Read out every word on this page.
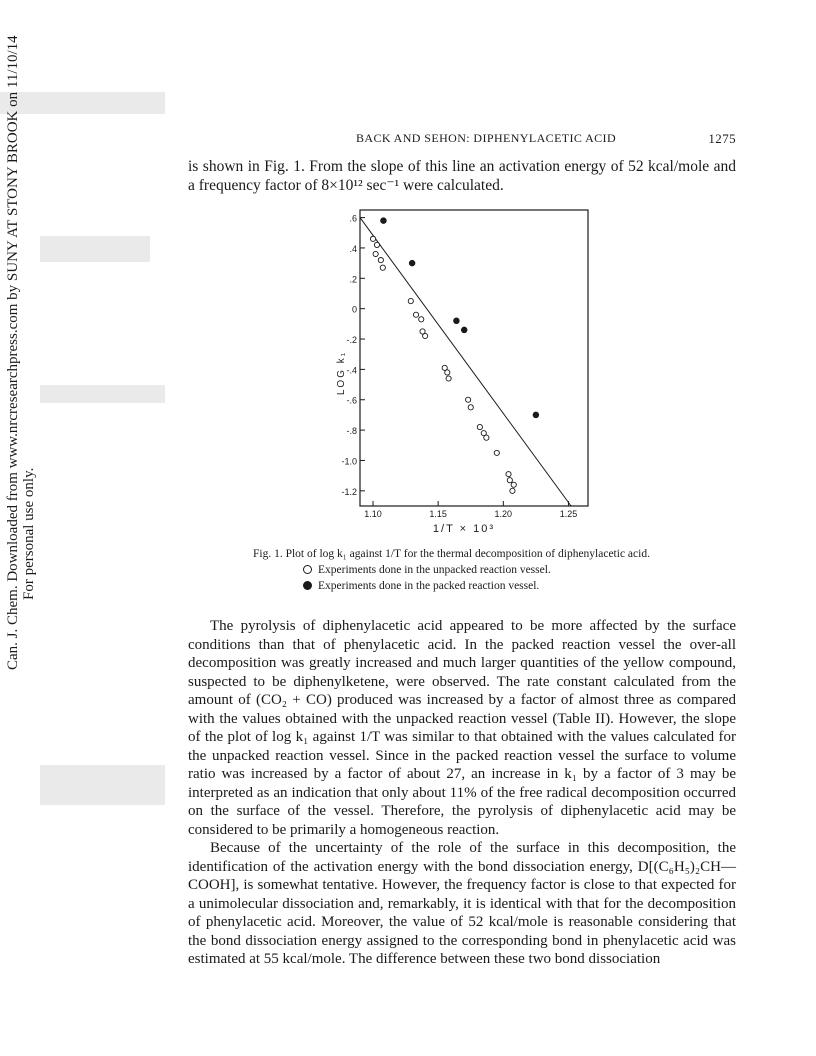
Can. J. Chem. Downloaded from www.nrcresearchpress.com by SUNY AT STONY BROOK on 11/10/14 For personal use only.
BACK AND SEHON: DIPHENYLACETIC ACID	1275
is shown in Fig. 1. From the slope of this line an activation energy of 52 kcal/mole and a frequency factor of 8×10¹² sec⁻¹ were calculated.
.6
.4
.2
0
-.2
-.4
-.6
-.8
-1.0
-1.2
1.10	1.15	1.20	1.25
1/T × 10³
LOG k₁
Fig. 1. Plot of log k₁ against 1/T for the thermal decomposition of diphenylacetic acid.
Experiments done in the unpacked reaction vessel.
Experiments done in the packed reaction vessel.

The pyrolysis of diphenylacetic acid appeared to be more affected by the surface conditions than that of phenylacetic acid. In the packed reaction vessel the over-all decomposition was greatly increased and much larger quantities of the yellow compound, suspected to be diphenylketene, were observed. The rate constant calculated from the amount of (CO₂ + CO) produced was increased by a factor of almost three as compared with the values obtained with the unpacked reaction vessel (Table II). However, the slope of the plot of log k₁ against 1/T was similar to that obtained with the values calculated for the unpacked reaction vessel. Since in the packed reaction vessel the surface to volume ratio was increased by a factor of about 27, an increase in k₁ by a factor of 3 may be interpreted as an indication that only about 11% of the free radical decomposition occurred on the surface of the vessel. Therefore, the pyrolysis of diphenylacetic acid may be considered to be primarily a homogeneous reaction.

Because of the uncertainty of the role of the surface in this decomposition, the identification of the activation energy with the bond dissociation energy, D[(C₆H₅)₂CH—COOH], is somewhat tentative. However, the frequency factor is close to that expected for a unimolecular dissociation and, remarkably, it is identical with that for the decomposition of phenylacetic acid. Moreover, the value of 52 kcal/mole is reasonable considering that the bond dissociation energy assigned to the corresponding bond in phenylacetic acid was estimated at 55 kcal/mole. The difference between these two bond dissociation
